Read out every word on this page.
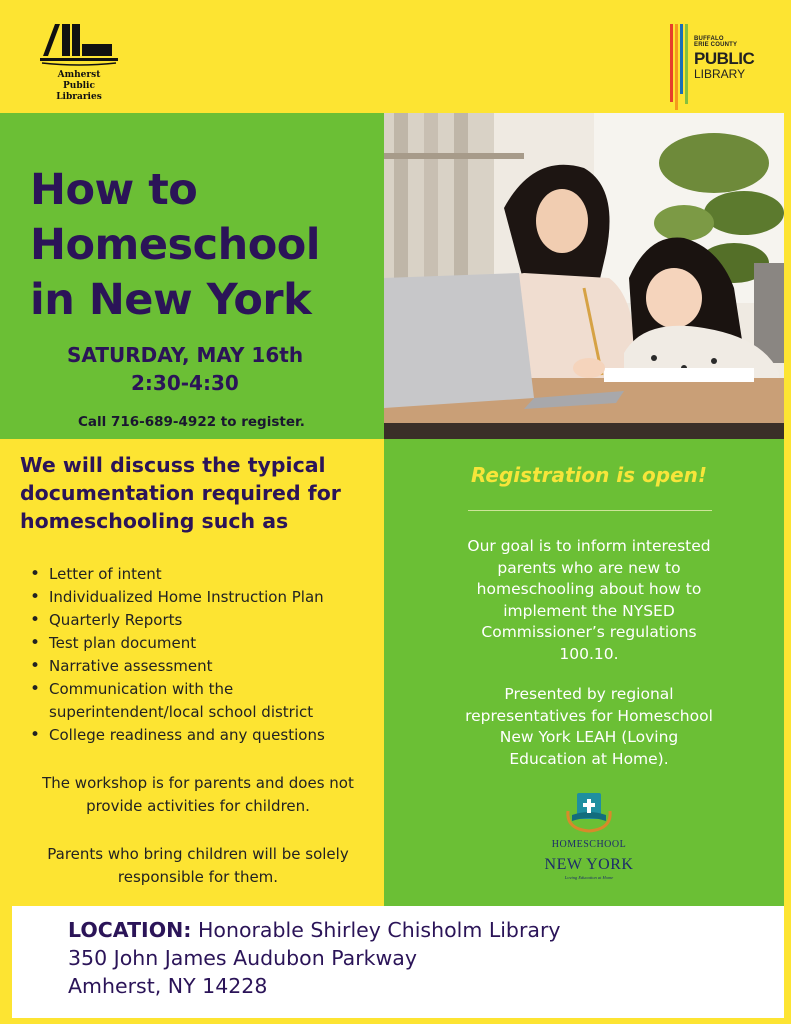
Amherst
Public
Libraries
BUFFALO
ERIE COUNTY
PUBLIC
LIBRARY
How to
Homeschool
in New York
SATURDAY, MAY 16th
2:30-4:30
Call 716-689-4922 to register.
We will discuss the typical documentation required for homeschooling such as
• Letter of intent
• Individualized Home Instruction Plan
• Quarterly Reports
• Test plan document
• Narrative assessment
• Communication with the superintendent/local school district
• College readiness and any questions
The workshop is for parents and does not provide activities for children.
Parents who bring children will be solely responsible for them.
Registration is open!
Our goal is to inform interested parents who are new to homeschooling about how to implement the NYSED Commissioner’s regulations 100.10.
Presented by regional representatives for Homeschool New York LEAH (Loving Education at Home).
HOMESCHOOL
NEW YORK
Loving Education at Home
LOCATION: Honorable Shirley Chisholm Library
350 John James Audubon Parkway
Amherst, NY 14228
